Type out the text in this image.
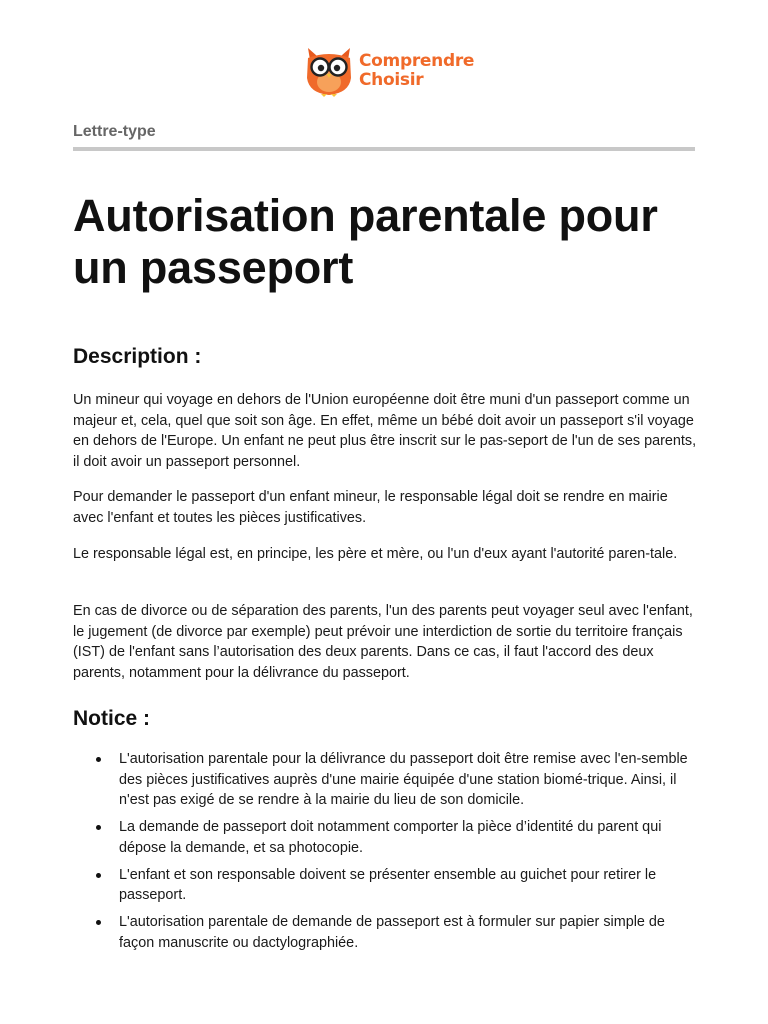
Comprendre
Choisir
Lettre-type
Autorisation parentale pour un passeport
Description :

Un mineur qui voyage en dehors de l'Union européenne doit être muni d'un passeport comme un majeur et, cela, quel que soit son âge. En effet, même un bébé doit avoir un passeport s'il voyage en dehors de l'Europe. Un enfant ne peut plus être inscrit sur le pas-seport de l'un de ses parents, il doit avoir un passeport personnel.

Pour demander le passeport d'un enfant mineur, le responsable légal doit se rendre en mairie avec l'enfant et toutes les pièces justificatives.

Le responsable légal est, en principe, les père et mère, ou l'un d'eux ayant l'autorité paren-tale.

En cas de divorce ou de séparation des parents, l'un des parents peut voyager seul avec l'enfant, le jugement (de divorce par exemple) peut prévoir une interdiction de sortie du territoire français (IST) de l'enfant sans l’autorisation des deux parents. Dans ce cas, il faut l'accord des deux parents, notamment pour la délivrance du passeport.

Notice :
L'autorisation parentale pour la délivrance du passeport doit être remise avec l'en-semble des pièces justificatives auprès d'une mairie équipée d'une station biomé-trique. Ainsi, il n'est pas exigé de se rendre à la mairie du lieu de son domicile.
La demande de passeport doit notamment comporter la pièce d’identité du parent qui dépose la demande, et sa photocopie.
L'enfant et son responsable doivent se présenter ensemble au guichet pour retirer le passeport.
L'autorisation parentale de demande de passeport est à formuler sur papier simple de façon manuscrite ou dactylographiée.
